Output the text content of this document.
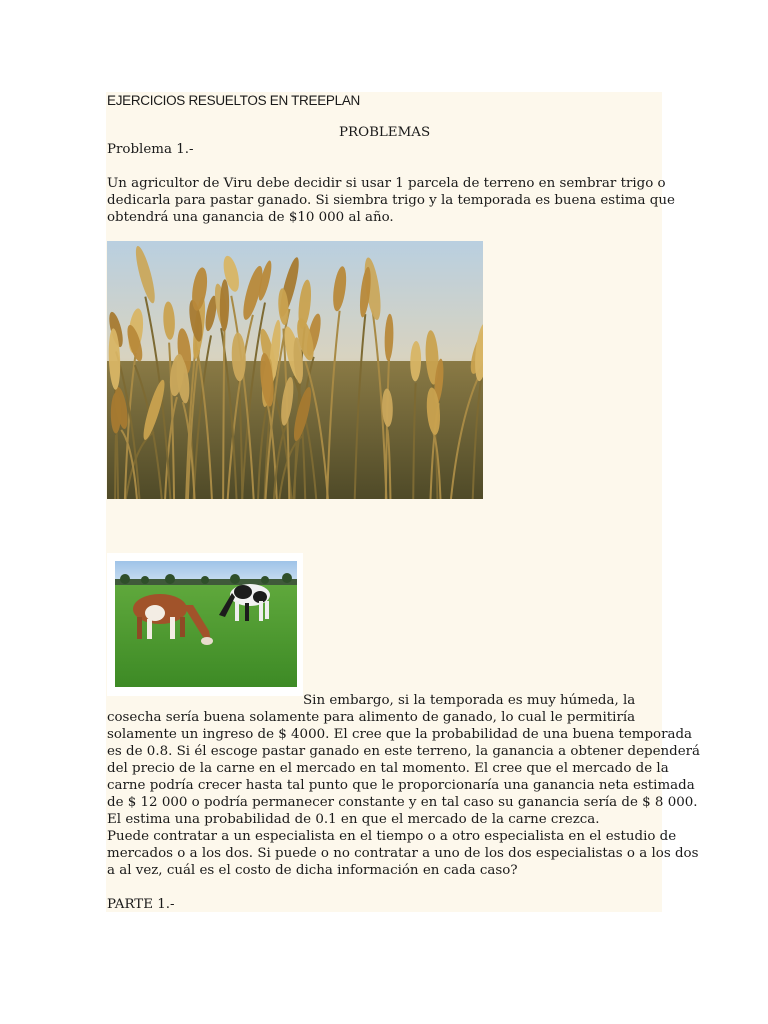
EJERCICIOS RESUELTOS EN TREEPLAN
PROBLEMAS
Problema 1.-
Un agricultor de Viru debe decidir si usar 1 parcela de terreno en sembrar trigo o
dedicarla para pastar ganado. Si siembra trigo y la temporada es buena estima que
obtendrá una ganancia de $10 000 al año.
Sin embargo, si la temporada es muy húmeda, la
cosecha sería buena solamente para alimento de ganado, lo cual le permitiría
solamente un ingreso de $ 4000. El cree que la probabilidad de una buena temporada
es de 0.8. Si él escoge pastar ganado en este terreno, la ganancia a obtener dependerá
del precio de la carne en el mercado en tal momento. El cree que el mercado de la
carne podría crecer hasta tal punto que le proporcionaría una ganancia neta estimada
de $ 12 000 o podría permanecer constante y en tal caso su ganancia sería de $ 8 000.
El estima una probabilidad de 0.1 en que el mercado de la carne crezca.
Puede contratar a un especialista en el tiempo o a otro especialista en el estudio de
mercados o a los dos. Si puede o no contratar a uno de los dos especialistas o a los dos
a al vez, cuál es el costo de dicha información en cada caso?
PARTE 1.-
